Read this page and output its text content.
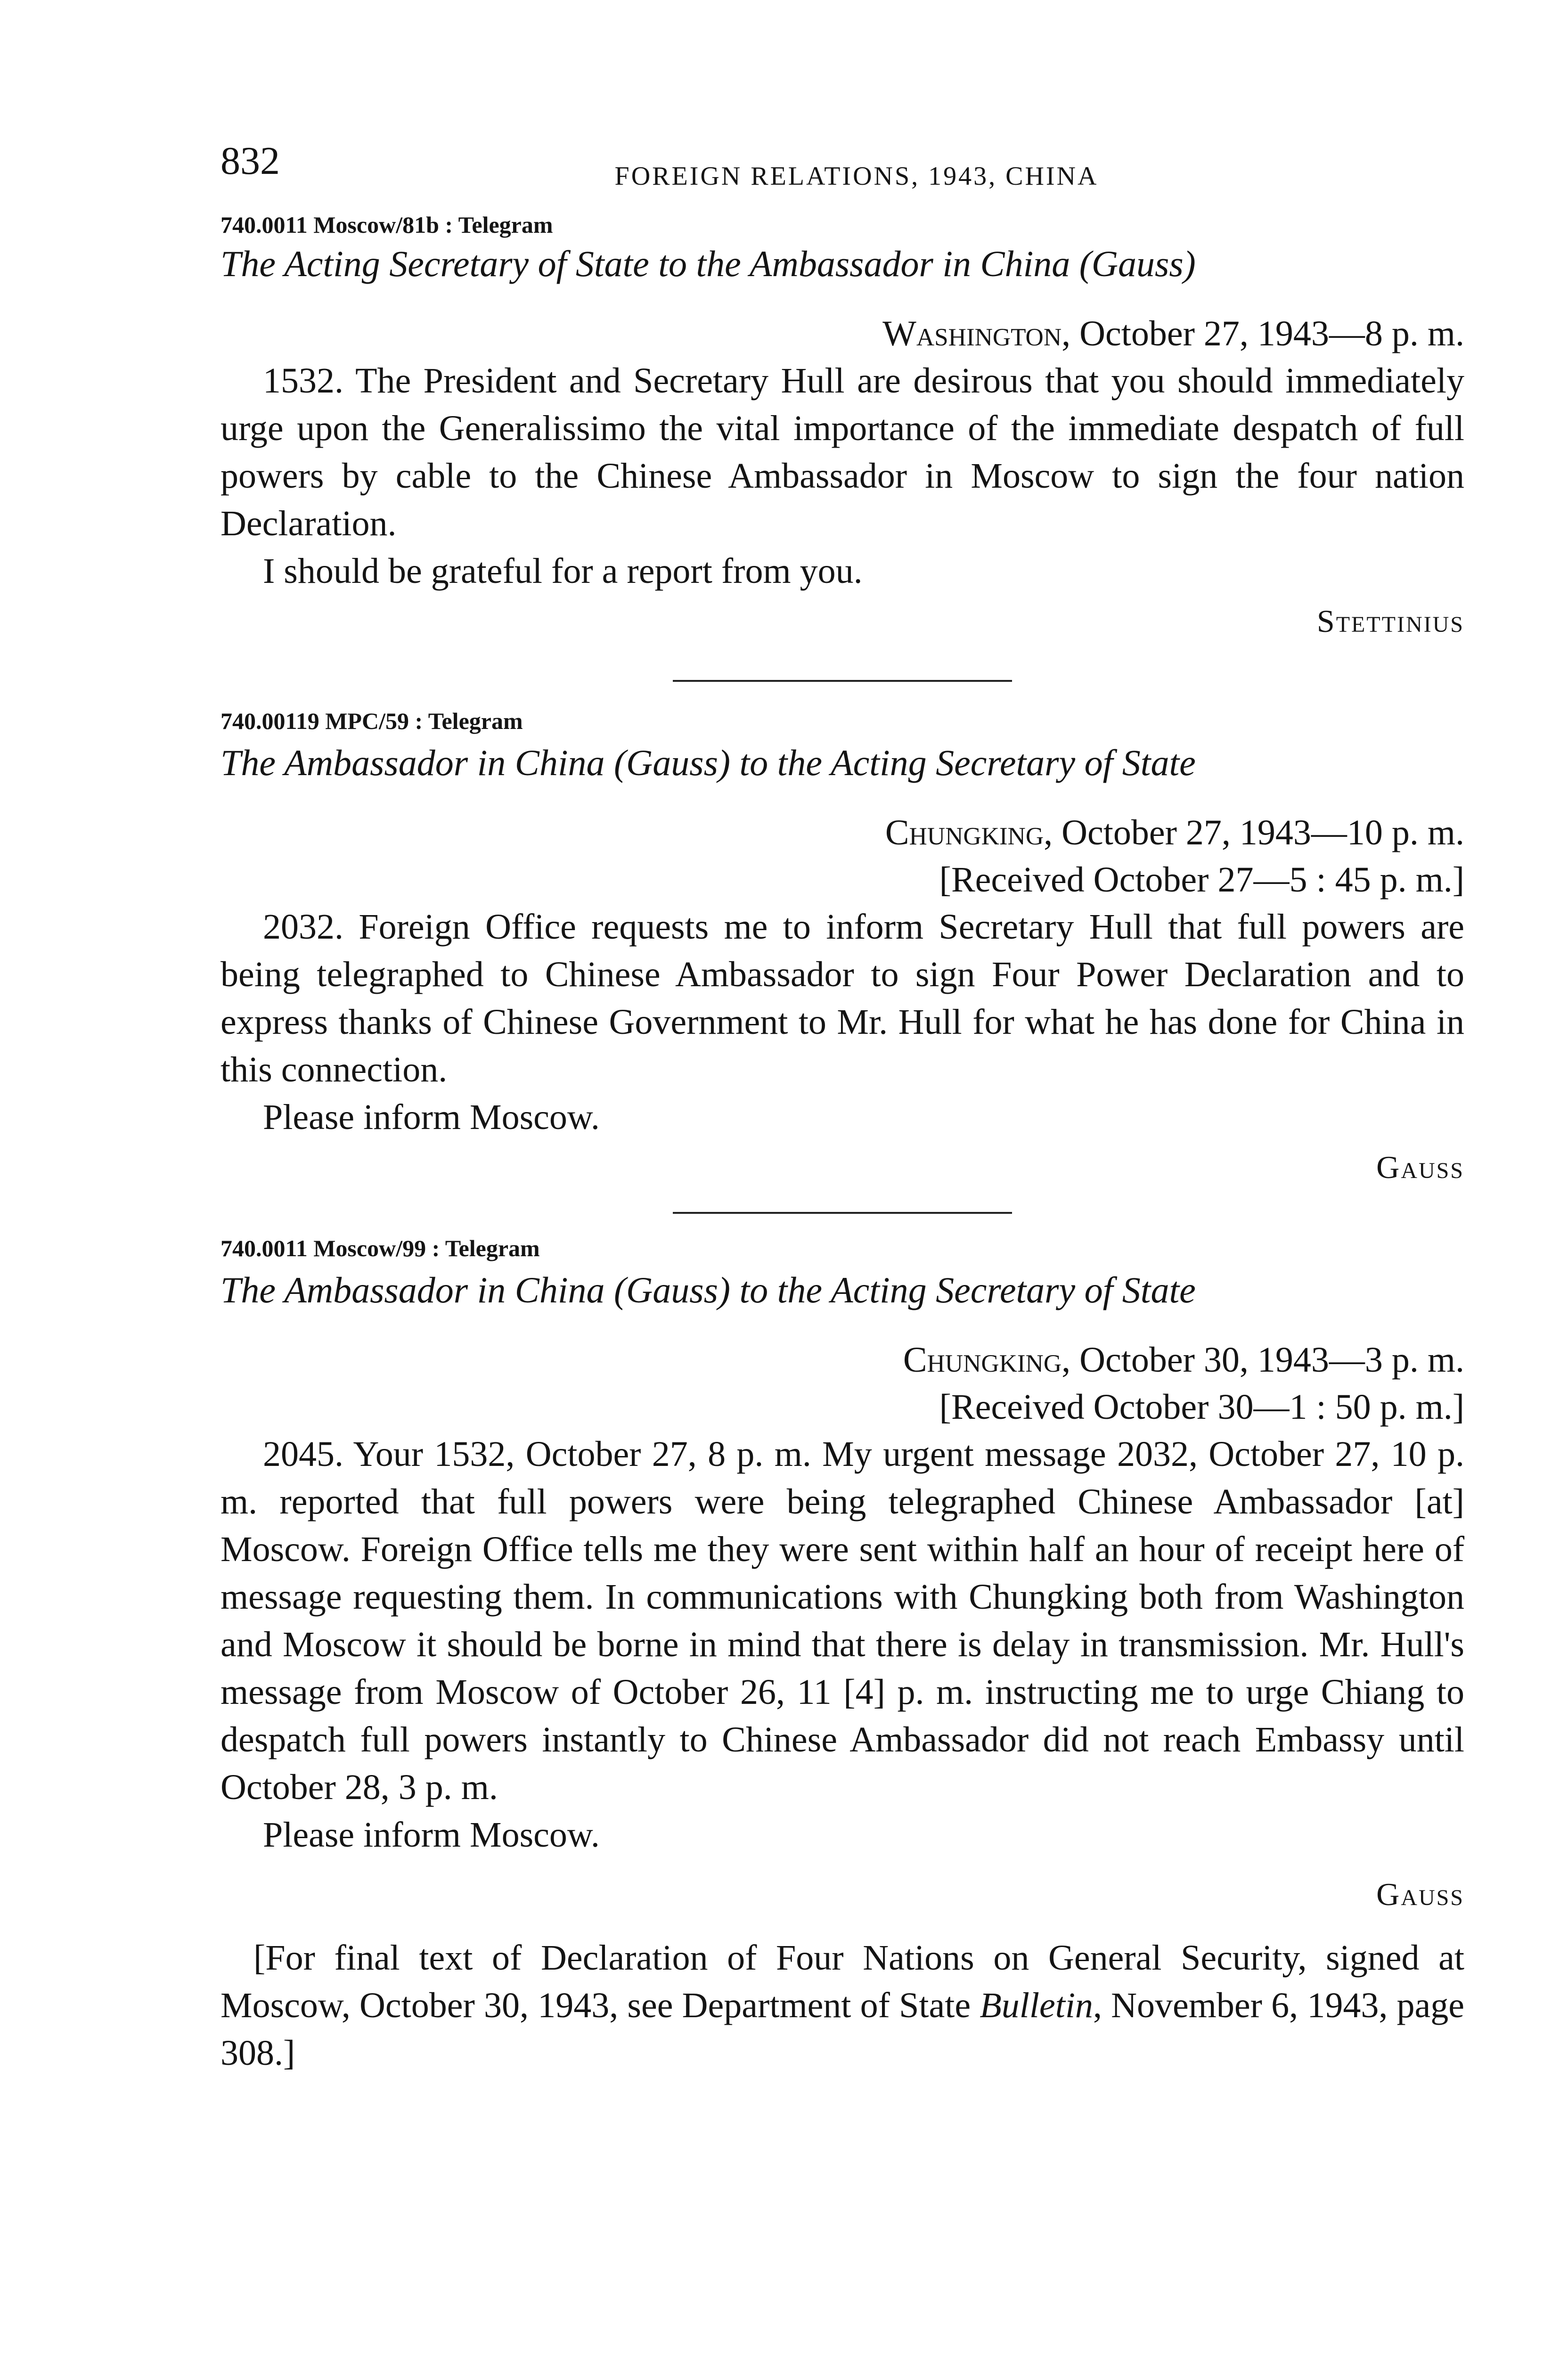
832	FOREIGN RELATIONS, 1943, CHINA
740.0011 Moscow/81b : Telegram
The Acting Secretary of State to the Ambassador in China (Gauss)
Washington, October 27, 1943—8 p. m.

1532. The President and Secretary Hull are desirous that you should immediately urge upon the Generalissimo the vital importance of the immediate despatch of full powers by cable to the Chinese Ambassador in Moscow to sign the four nation Declaration.

I should be grateful for a report from you.

Stettinius
740.00119 MPC/59 : Telegram
The Ambassador in China (Gauss) to the Acting Secretary of State
Chungking, October 27, 1943—10 p. m.
[Received October 27—5 : 45 p. m.]

2032. Foreign Office requests me to inform Secretary Hull that full powers are being telegraphed to Chinese Ambassador to sign Four Power Declaration and to express thanks of Chinese Government to Mr. Hull for what he has done for China in this connection.

Please inform Moscow.

Gauss
740.0011 Moscow/99 : Telegram
The Ambassador in China (Gauss) to the Acting Secretary of State
Chungking, October 30, 1943—3 p. m.
[Received October 30—1 : 50 p. m.]

2045. Your 1532, October 27, 8 p. m. My urgent message 2032, October 27, 10 p. m. reported that full powers were being telegraphed Chinese Ambassador [at] Moscow. Foreign Office tells me they were sent within half an hour of receipt here of message requesting them. In communications with Chungking both from Washington and Moscow it should be borne in mind that there is delay in transmission. Mr. Hull's message from Moscow of October 26, 11 [4] p. m. instructing me to urge Chiang to despatch full powers instantly to Chinese Ambassador did not reach Embassy until October 28, 3 p. m.

Please inform Moscow.

Gauss

[For final text of Declaration of Four Nations on General Security, signed at Moscow, October 30, 1943, see Department of State Bulletin, November 6, 1943, page 308.]
